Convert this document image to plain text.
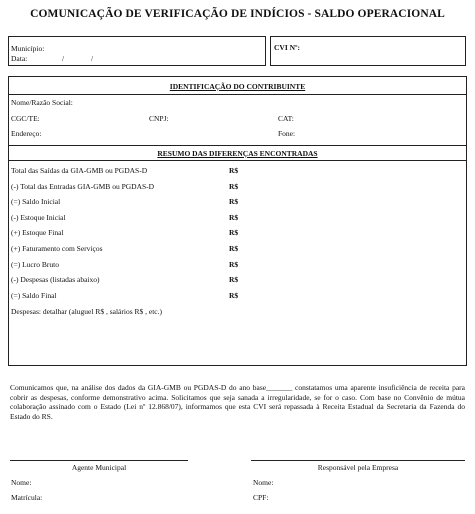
COMUNICAÇÃO DE VERIFICAÇÃO DE INDÍCIOS - SALDO OPERACIONAL
Município:
Data:	/	/
CVI Nº:
IDENTIFICAÇÃO DO CONTRIBUINTE
Nome/Razão Social:
CGC/TE:	CNPJ:	CAT:
Endereço:	Fone:
RESUMO DAS DIFERENÇAS ENCONTRADAS
Total das Saídas da GIA-GMB ou PGDAS-D	R$
(-) Total das Entradas GIA-GMB ou PGDAS-D	R$
(=) Saldo Inicial	R$
(-) Estoque Inicial	R$
(+) Estoque Final	R$
(+) Faturamento com Serviços	R$
(=) Lucro Bruto	R$
(-) Despesas (listadas abaixo)	R$
(=) Saldo Final	R$
Despesas: detalhar (aluguel R$ , salários R$ , etc.)
Comunicamos que, na análise dos dados da GIA-GMB ou PGDAS-D do ano base_______ constatamos uma aparente insuficiência de receita para cobrir as despesas, conforme demonstrativo acima. Solicitamos que seja sanada a irregularidade, se for o caso. Com base no Convênio de mútua colaboração assinado com o Estado (Lei nº 12.868/07), informamos que esta CVI será repassada à Receita Estadual da Secretaria da Fazenda do Estado do RS.
Agente Municipal
Nome:
Matrícula:
Responsável pela Empresa
Nome:
CPF:
